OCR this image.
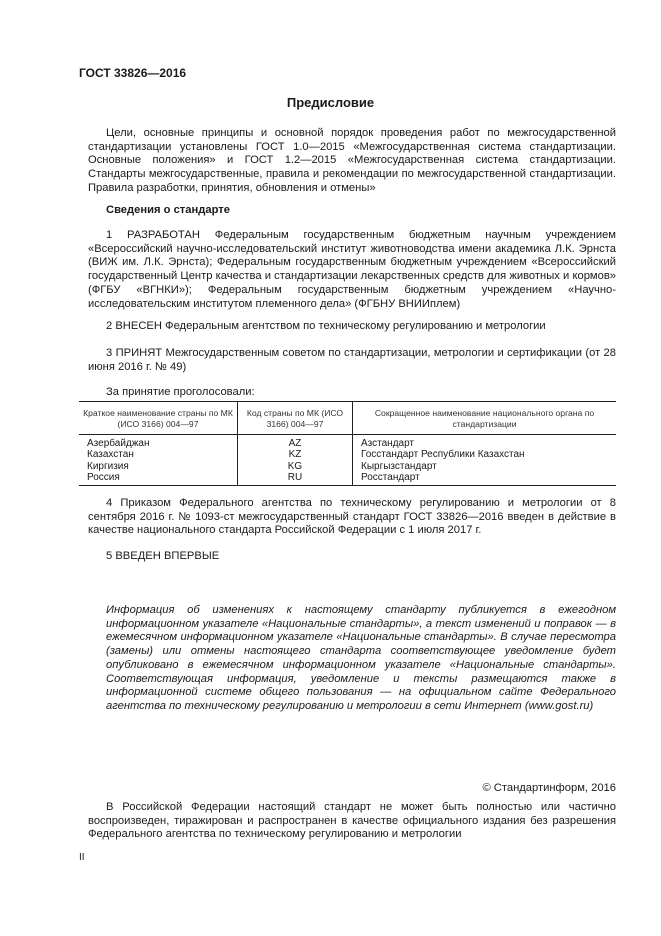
ГОСТ 33826—2016
Предисловие
Цели, основные принципы и основной порядок проведения работ по межгосударственной стандартизации установлены ГОСТ 1.0—2015 «Межгосударственная система стандартизации. Основные положения» и ГОСТ 1.2—2015 «Межгосударственная система стандартизации. Стандарты межгосударственные, правила и рекомендации по межгосударственной стандартизации. Правила разработки, принятия, обновления и отмены»
Сведения о стандарте
1 РАЗРАБОТАН Федеральным государственным бюджетным научным учреждением «Всероссийский научно-исследовательский институт животноводства имени академика Л.К. Эрнста (ВИЖ им. Л.К. Эрнста); Федеральным государственным бюджетным учреждением «Всероссийский государственный Центр качества и стандартизации лекарственных средств для животных и кормов» (ФГБУ «ВГНКИ»); Федеральным государственным бюджетным учреждением «Научно-исследовательским институтом племенного дела» (ФГБНУ ВНИИплем)
2 ВНЕСЕН Федеральным агентством по техническому регулированию и метрологии
3 ПРИНЯТ Межгосударственным советом по стандартизации, метрологии и сертификации (от 28 июня 2016 г. № 49)
За принятие проголосовали:
Краткое наименование страны по МК (ИСО 3166) 004—97	Код страны по МК (ИСО 3166) 004—97	Сокращенное наименование национального органа по стандартизации
Азербайджан	AZ	Азстандарт
Казахстан	KZ	Госстандарт Республики Казахстан
Киргизия	KG	Кыргызстандарт
Россия	RU	Росстандарт
4 Приказом Федерального агентства по техническому регулированию и метрологии от 8 сентября 2016 г. № 1093-ст межгосударственный стандарт ГОСТ 33826—2016 введен в действие в качестве национального стандарта Российской Федерации с 1 июля 2017 г.
5 ВВЕДЕН ВПЕРВЫЕ
Информация об изменениях к настоящему стандарту публикуется в ежегодном информационном указателе «Национальные стандарты», а текст изменений и поправок — в ежемесячном информационном указателе «Национальные стандарты». В случае пересмотра (замены) или отмены настоящего стандарта соответствующее уведомление будет опубликовано в ежемесячном информационном указателе «Национальные стандарты». Соответствующая информация, уведомление и тексты размещаются также в информационной системе общего пользования — на официальном сайте Федерального агентства по техническому регулированию и метрологии в сети Интернет (www.gost.ru)
© Стандартинформ, 2016
В Российской Федерации настоящий стандарт не может быть полностью или частично воспроизведен, тиражирован и распространен в качестве официального издания без разрешения Федерального агентства по техническому регулированию и метрологии
II
